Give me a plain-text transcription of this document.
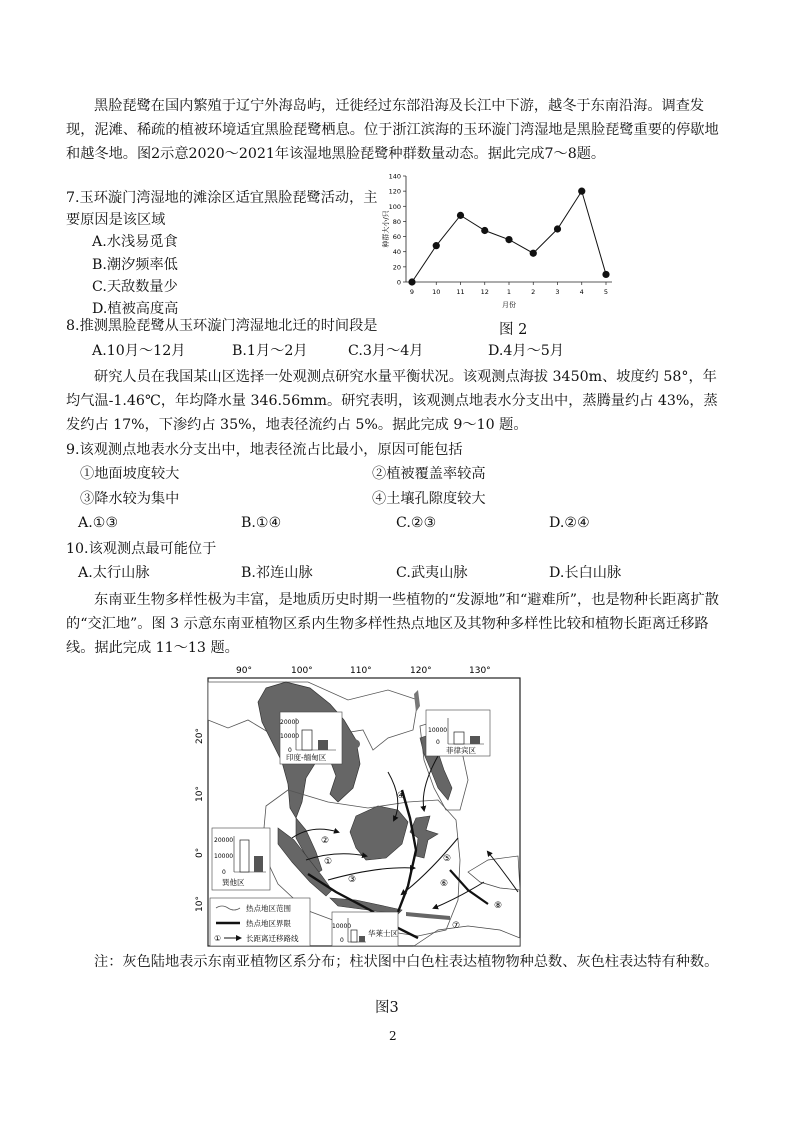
黑脸琵鹭在国内繁殖于辽宁外海岛屿，迁徙经过东部沿海及长江中下游，越冬于东南沿海。调查发现，泥滩、稀疏的植被环境适宜黑脸琵鹭栖息。位于浙江滨海的玉环漩门湾湿地是黑脸琵鹭重要的停歇地和越冬地。图2示意2020～2021年该湿地黑脸琵鹭种群数量动态。据此完成7～8题。
7.玉环漩门湾湿地的滩涂区适宜黑脸琵鹭活动，主
要原因是该区域
A.水浅易觅食
B.潮汐频率低
C.天敌数量少
D.植被高度高
0
20
40
60
80
100
120
140
种群大小/只
9	10 11 12	1	2	3	4	5
月份
图 2
8.推测黑脸琵鹭从玉环漩门湾湿地北迁的时间段是
A.10月～12月	B.1月～2月	C.3月～4月	D.4月～5月
研究人员在我国某山区选择一处观测点研究水量平衡状况。该观测点海拔 3450m、坡度约 58°，年均气温-1.46℃，年均降水量 346.56mm。研究表明，该观测点地表水分支出中，蒸腾量约占 43%，蒸发约占 17%，下渗约占 35%，地表径流约占 5%。据此完成 9～10 题。
9.该观测点地表水分支出中，地表径流占比最小，原因可能包括
①地面坡度较大	②植被覆盖率较高
③降水较为集中	④土壤孔隙度较大
A.①③	B.①④	C.②③	D.②④
10.该观测点最可能位于
A.太行山脉	B.祁连山脉	C.武夷山脉	D.长白山脉
东南亚生物多样性极为丰富，是地质历史时期一些植物的“发源地”和“避难所”，也是物种长距离扩散的“交汇地”。图 3 示意东南亚植物区系内生物多样性热点地区及其物种多样性比较和植物长距离迁移路线。据此完成 11～13 题。
90°	100°	110°	120°	130°
20°
10°
0°
10°
①
②
③
④
⑤
⑥
⑦
⑧
20000
10000
0
印度-缅甸区
10000
0
菲律宾区
20000
10000
0
巽他区
10000
0
华莱士区
热点地区范围
热点地区界限
①	长距离迁移路线
注：灰色陆地表示东南亚植物区系分布；柱状图中白色柱表达植物物种总数、灰色柱表达特有种数。
图3
2
